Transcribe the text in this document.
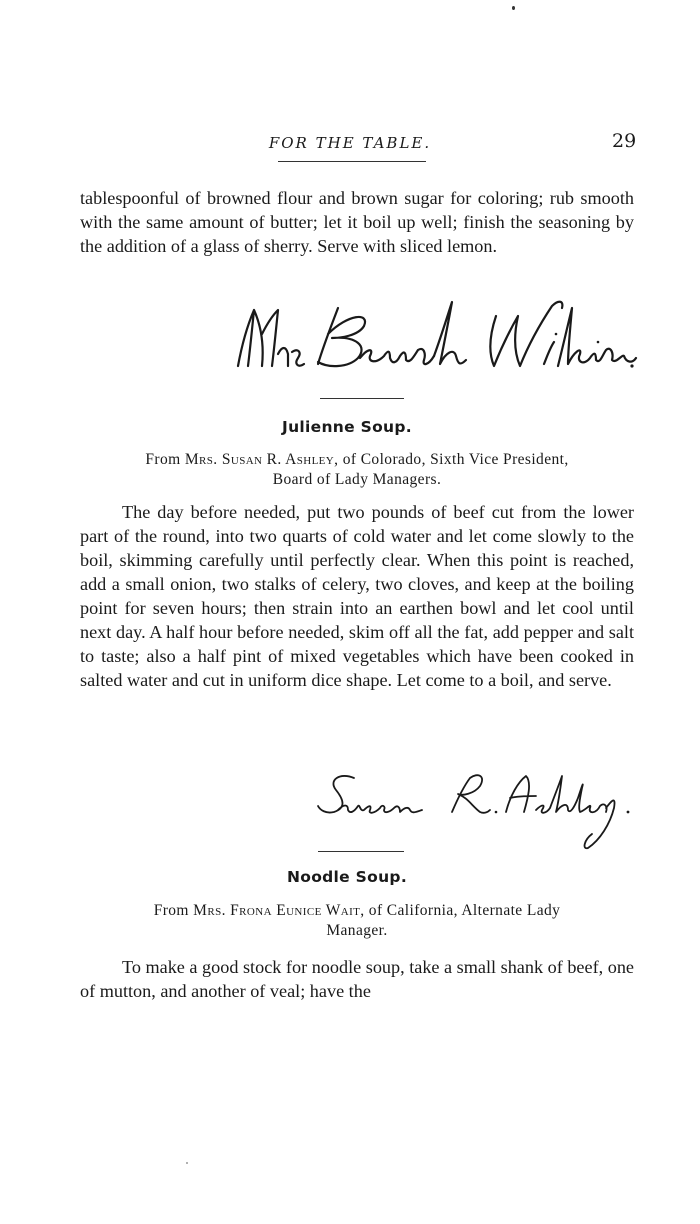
FOR THE TABLE.	29
tablespoonful of browned flour and brown sugar for coloring; rub smooth with the same amount of butter; let it boil up well; finish the seasoning by the addition of a glass of sherry. Serve with sliced lemon.
Julienne Soup.
From Mrs. Susan R. Ashley, of Colorado, Sixth Vice President,
Board of Lady Managers.
The day before needed, put two pounds of beef cut from the lower part of the round, into two quarts of cold water and let come slowly to the boil, skimming carefully until perfectly clear. When this point is reached, add a small onion, two stalks of celery, two cloves, and keep at the boiling point for seven hours; then strain into an earthen bowl and let cool until next day. A half hour before needed, skim off all the fat, add pepper and salt to taste; also a half pint of mixed vegetables which have been cooked in salted water and cut in uniform dice shape. Let come to a boil, and serve.
Noodle Soup.
From Mrs. Frona Eunice Wait, of California, Alternate Lady
Manager.
To make a good stock for noodle soup, take a small shank of beef, one of mutton, and another of veal; have the
